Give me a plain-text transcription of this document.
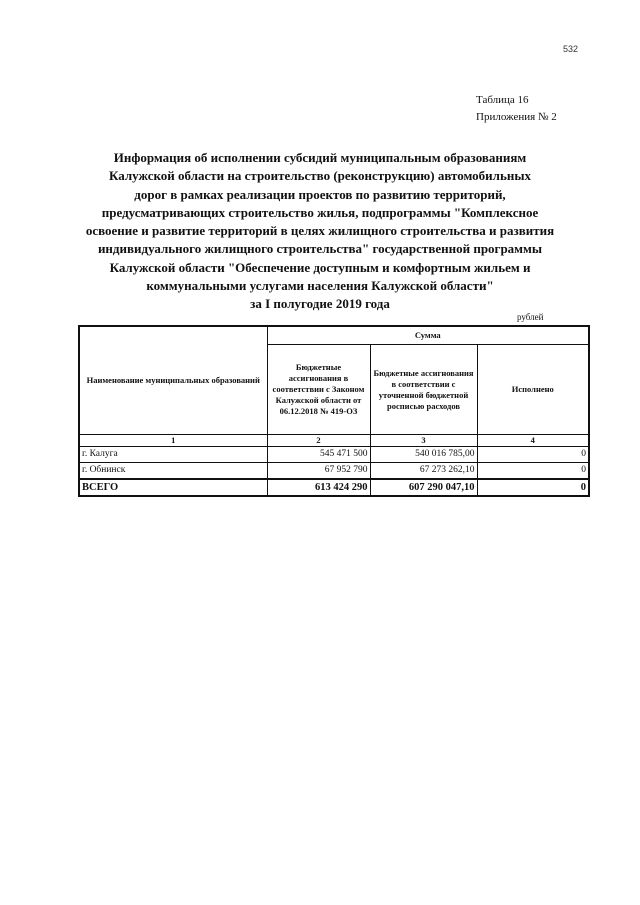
532
Таблица 16
Приложения № 2
Информация об исполнении субсидий муниципальным образованиям
Калужской области на строительство (реконструкцию) автомобильных
дорог в рамках реализации проектов по развитию территорий,
предусматривающих строительство жилья, подпрограммы "Комплексное
освоение и развитие территорий в целях жилищного строительства и развития
индивидуального жилищного строительства" государственной программы
Калужской области "Обеспечение доступным и комфортным жильем и
коммунальными услугами населения Калужской области"
за I полугодие 2019 года
рублей
Наименование муниципальных образований	Сумма		
	Бюджетные ассигнования в соответствии с Законом Калужской области от 06.12.2018 № 419-ОЗ	Бюджетные ассигнования в соответствии с уточненной бюджетной росписью расходов	Исполнено
1	2	3	4
г. Калуга	545 471 500	540 016 785,00	0
г. Обнинск	67 952 790	67 273 262,10	0
ВСЕГО	613 424 290	607 290 047,10	0
